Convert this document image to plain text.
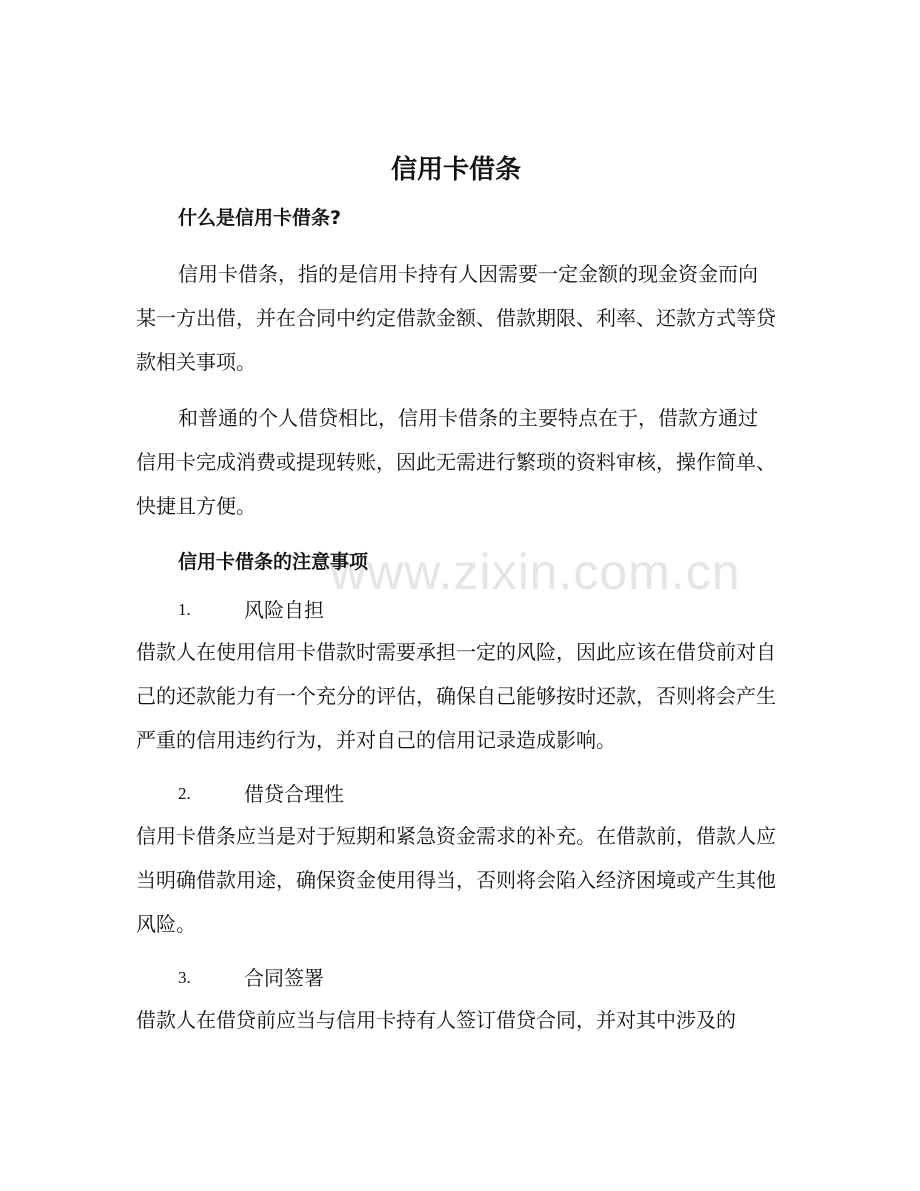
www.zixin.com.cn
信用卡借条
什么是信用卡借条?

信用卡借条，指的是信用卡持有人因需要一定金额的现金资金而向某一方出借，并在合同中约定借款金额、借款期限、利率、还款方式等贷款相关事项。

和普通的个人借贷相比，信用卡借条的主要特点在于，借款方通过信用卡完成消费或提现转账，因此无需进行繁琐的资料审核，操作简单、快捷且方便。

信用卡借条的注意事项
1.	风险自担

借款人在使用信用卡借款时需要承担一定的风险，因此应该在借贷前对自己的还款能力有一个充分的评估，确保自己能够按时还款，否则将会产生严重的信用违约行为，并对自己的信用记录造成影响。

2.	借贷合理性

信用卡借条应当是对于短期和紧急资金需求的补充。在借款前，借款人应当明确借款用途，确保资金使用得当，否则将会陷入经济困境或产生其他风险。

3.	合同签署

借款人在借贷前应当与信用卡持有人签订借贷合同，并对其中涉及的
